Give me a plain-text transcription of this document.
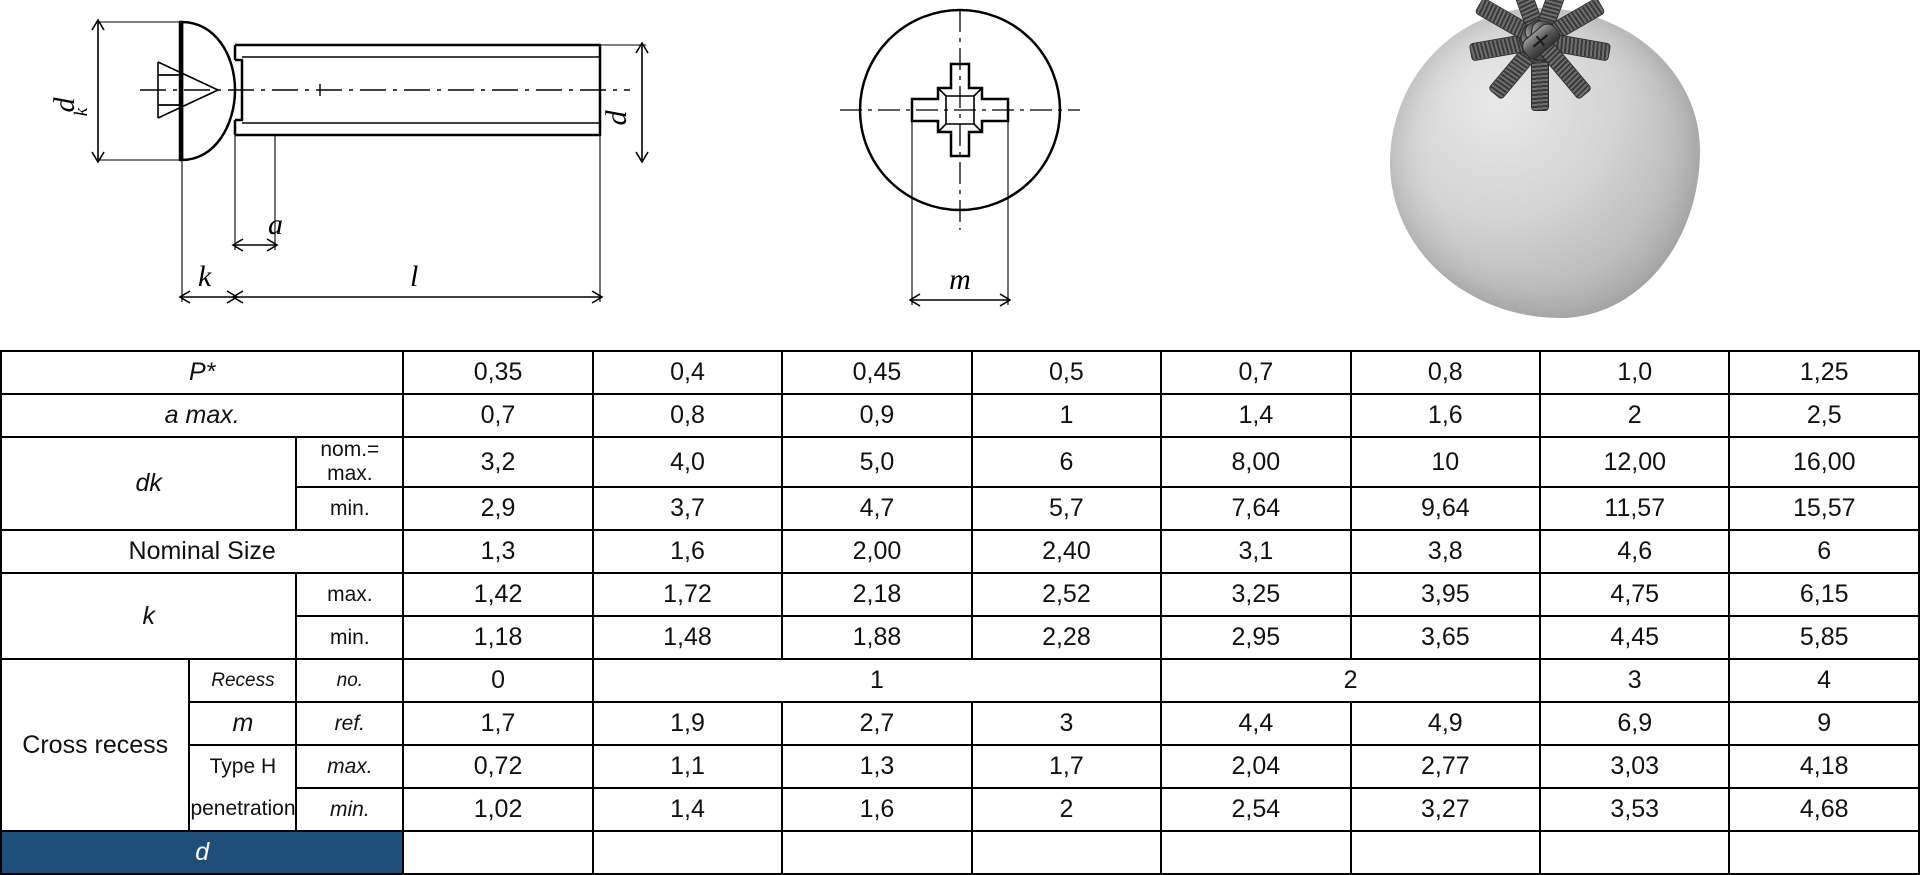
d
k	d
a
k	l	m
P*			0,35	0,4	0,45	0,5	0,7	0,8	1,0	1,25
a max.			0,7	0,8	0,9	1	1,4	1,6	2	2,5
dk		nom.= max.	3,2	4,0	5,0	6	8,00	10	12,00	16,00
		min.	2,9	3,7	4,7	5,7	7,64	9,64	11,57	15,57
Nominal Size			1,3	1,6	2,00	2,40	3,1	3,8	4,6	6
k		max.	1,42	1,72	2,18	2,52	3,25	3,95	4,75	6,15
		min.	1,18	1,48	1,88	2,28	2,95	3,65	4,45	5,85
Cross recess	Recess	no.	0	1			2		3	4
	m	ref.	1,7	1,9	2,7	3	4,4	4,9	6,9	9
	Type H	max.	0,72	1,1	1,3	1,7	2,04	2,77	3,03	4,18
	penetration	min.	1,02	1,4	1,6	2	2,54	3,27	3,53	4,68
d			M1,6	M2	M2,5	M3	M4	M5	M6	M8
